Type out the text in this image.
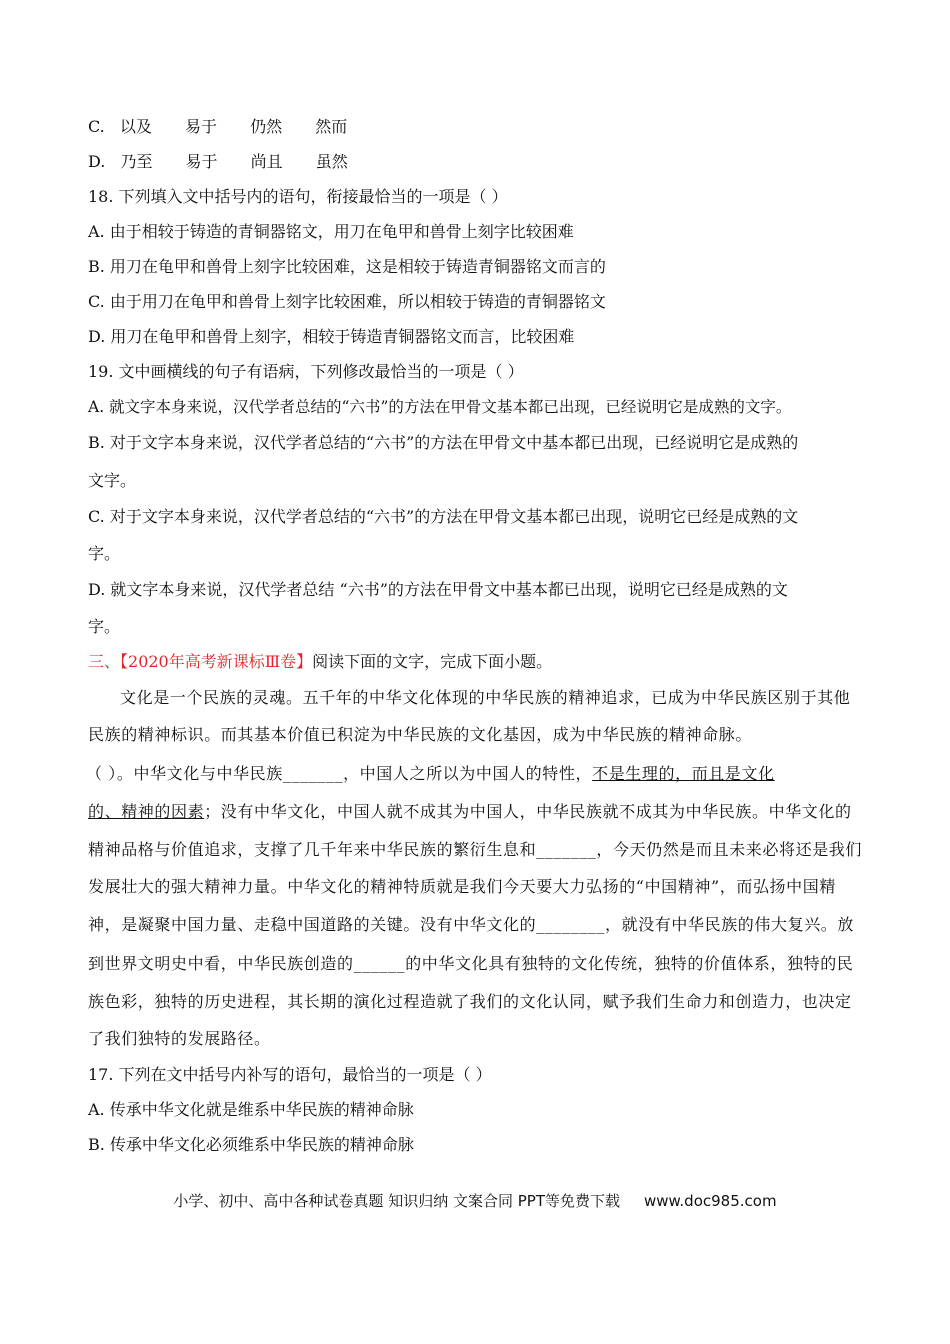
C. 以及 易于 仍然 然而
D. 乃至 易于 尚且 虽然
18. 下列填入文中括号内的语句，衔接最恰当的一项是（ ）
A. 由于相较于铸造的青铜器铭文，用刀在龟甲和兽骨上刻字比较困难
B. 用刀在龟甲和兽骨上刻字比较困难，这是相较于铸造青铜器铭文而言的
C. 由于用刀在龟甲和兽骨上刻字比较困难，所以相较于铸造的青铜器铭文
D. 用刀在龟甲和兽骨上刻字，相较于铸造青铜器铭文而言，比较困难
19. 文中画横线的句子有语病，下列修改最恰当的一项是（ ）
A. 就文字本身来说，汉代学者总结的“六书”的方法在甲骨文基本都已出现，已经说明它是成熟的文字。
B. 对于文字本身来说，汉代学者总结的“六书”的方法在甲骨文中基本都已出现，已经说明它是成熟的
文字。
C. 对于文字本身来说，汉代学者总结的“六书”的方法在甲骨文基本都已出现，说明它已经是成熟的文
字。
D. 就文字本身来说，汉代学者总结 “六书”的方法在甲骨文中基本都已出现，说明它已经是成熟的文
字。
三、【2020年高考新课标Ⅲ卷】阅读下面的文字，完成下面小题。
文化是一个民族的灵魂。五千年的中华文化体现的中华民族的精神追求，已成为中华民族区别于其他
民族的精神标识。而其基本价值已积淀为中华民族的文化基因，成为中华民族的精神命脉。
（ ）。中华文化与中华民族_______，中国人之所以为中国人的特性，不是生理的，而且是文化
的、精神的因素；没有中华文化，中国人就不成其为中国人，中华民族就不成其为中华民族。中华文化的
精神品格与价值追求，支撑了几千年来中华民族的繁衍生息和_______，今天仍然是而且未来必将还是我们
发展壮大的强大精神力量。中华文化的精神特质就是我们今天要大力弘扬的“中国精神”，而弘扬中国精
神，是凝聚中国力量、走稳中国道路的关键。没有中华文化的________，就没有中华民族的伟大复兴。放
到世界文明史中看，中华民族创造的______的中华文化具有独特的文化传统，独特的价值体系，独特的民
族色彩，独特的历史进程，其长期的演化过程造就了我们的文化认同，赋予我们生命力和创造力，也决定
了我们独特的发展路径。
17. 下列在文中括号内补写的语句，最恰当的一项是（ ）
A. 传承中华文化就是维系中华民族的精神命脉
B. 传承中华文化必须维系中华民族的精神命脉
小学、初中、高中各种试卷真题 知识归纳 文案合同 PPT等免费下载 www.doc985.com
